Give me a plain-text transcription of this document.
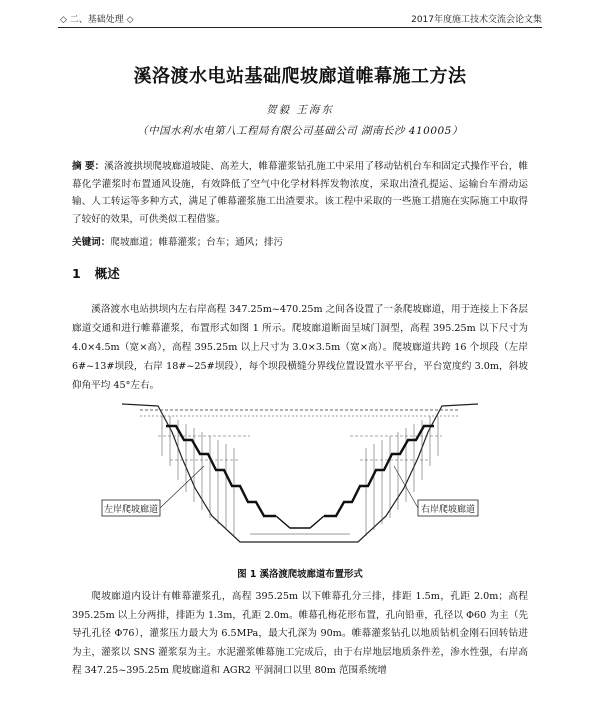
◇ 二、基础处理 ◇	2017年度施工技术交流会论文集
溪洛渡水电站基础爬坡廊道帷幕施工方法
贺毅 王海东
（中国水利水电第八工程局有限公司基础公司 湖南长沙 410005）
摘 要：溪洛渡拱坝爬坡廊道坡陡、高差大，帷幕灌浆钻孔施工中采用了移动钻机台车和固定式操作平台，帷幕化学灌浆时布置通风设施，有效降低了空气中化学材料挥发物浓度，采取出渣孔提运、运输台车滑动运输、人工转运等多种方式，满足了帷幕灌浆施工出渣要求。该工程中采取的一些施工措施在实际施工中取得了较好的效果，可供类似工程借鉴。
关键词：爬坡廊道；帷幕灌浆；台车；通风；排污
1 概述
溪洛渡水电站拱坝内左右岸高程 347.25m~470.25m 之间各设置了一条爬坡廊道，用于连接上下各层廊道交通和进行帷幕灌浆，布置形式如图 1 所示。爬坡廊道断面呈城门洞型，高程 395.25m 以下尺寸为 4.0×4.5m（宽×高），高程 395.25m 以上尺寸为 3.0×3.5m（宽×高）。爬坡廊道共跨 16 个坝段（左岸 6#~13#坝段，右岸 18#~25#坝段），每个坝段横缝分界线位置设置水平平台，平台宽度约 3.0m，斜坡仰角平均 45°左右。
左岸爬坡廊道	右岸爬坡廊道
图 1 溪洛渡爬坡廊道布置形式
爬坡廊道内设计有帷幕灌浆孔，高程 395.25m 以下帷幕孔分三排，排距 1.5m，孔距 2.0m；高程 395.25m 以上分两排，排距为 1.3m，孔距 2.0m。帷幕孔梅花形布置，孔向铅垂，孔径以 Φ60 为主（先导孔孔径 Φ76），灌浆压力最大为 6.5MPa，最大孔深为 90m。帷幕灌浆钻孔以地质钻机金刚石回转钻进为主，灌浆以 SNS 灌浆泵为主。水泥灌浆帷幕施工完成后，由于右岸地层地质条件差，渗水性强，右岸高程 347.25~395.25m 爬坡廊道和 AGR2 平洞洞口以里 80m 范围系统增
